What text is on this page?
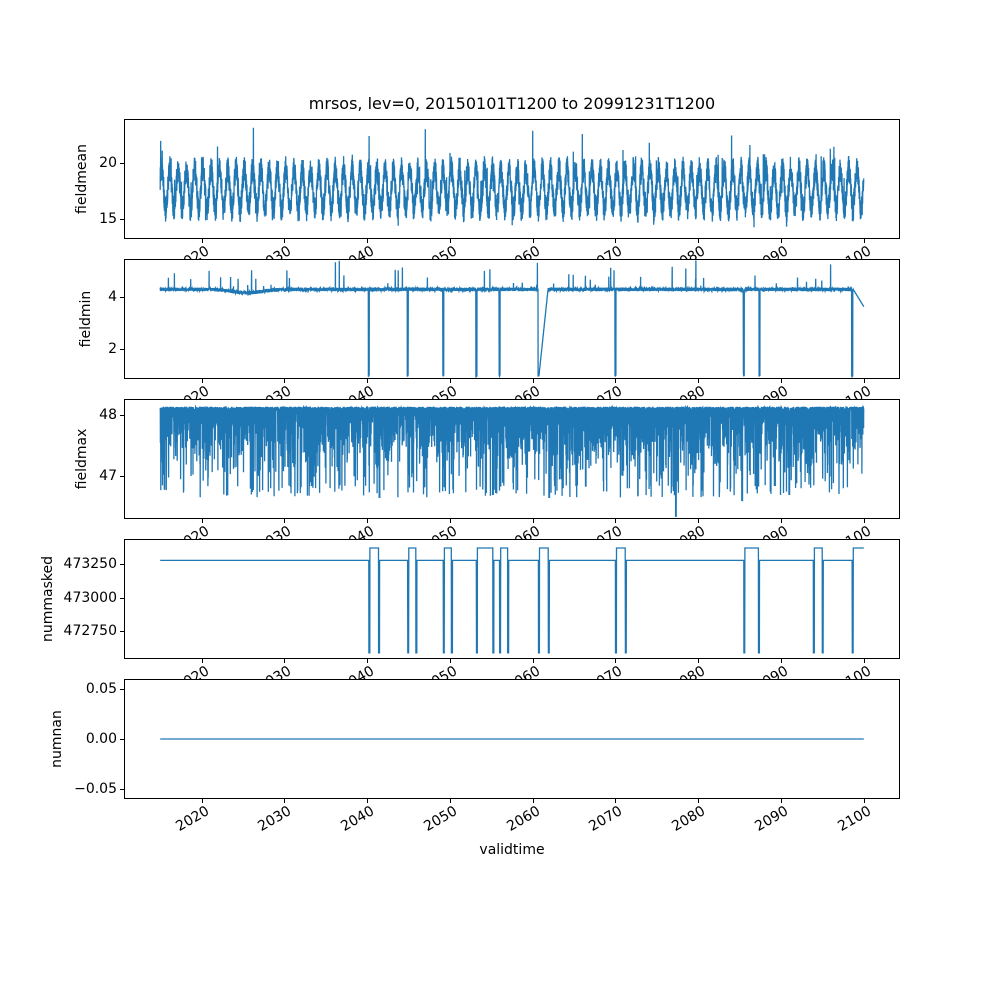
mrsos, lev=0, 20150101T1200 to 20991231T1200
15
20
fieldmean
2
4
fieldmin
47
48
fieldmax
472750
473000
473250
nummasked
−0.05
0.00
0.05
2020	2030	2040	2050	2060	2070	2080	2090	2100
numnan
validtime
